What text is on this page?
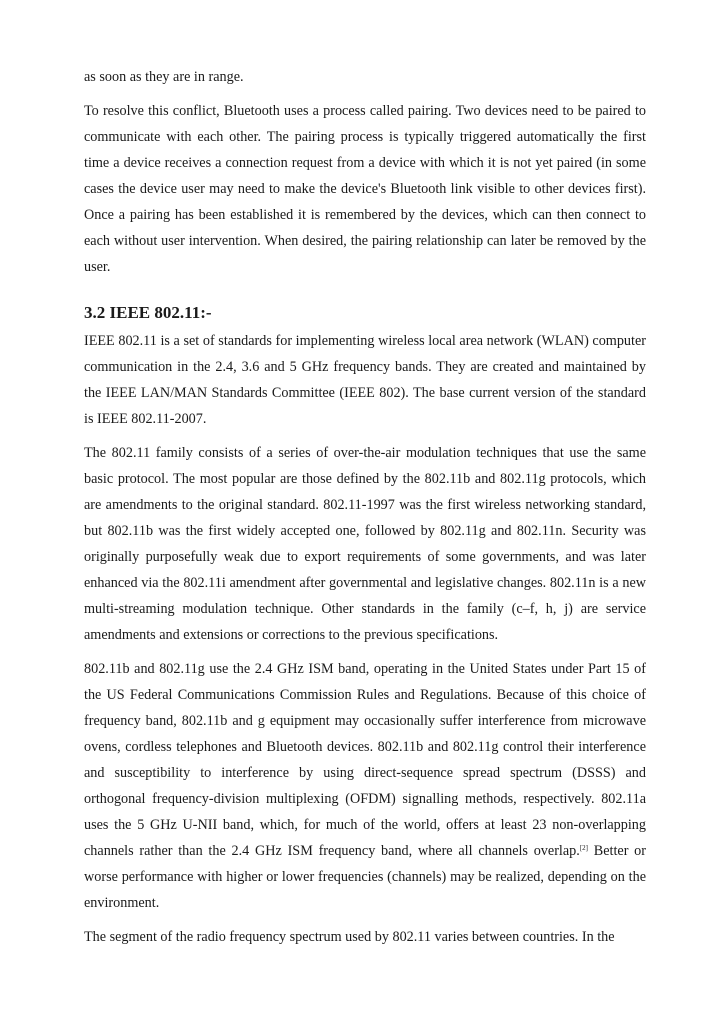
as soon as they are in range.

To resolve this conflict, Bluetooth uses a process called pairing. Two devices need to be paired to communicate with each other. The pairing process is typically triggered automatically the first time a device receives a connection request from a device with which it is not yet paired (in some cases the device user may need to make the device's Bluetooth link visible to other devices first). Once a pairing has been established it is remembered by the devices, which can then connect to each without user intervention. When desired, the pairing relationship can later be removed by the user.

3.2 IEEE 802.11:-

IEEE 802.11 is a set of standards for implementing wireless local area network (WLAN) computer communication in the 2.4, 3.6 and 5 GHz frequency bands. They are created and maintained by the IEEE LAN/MAN Standards Committee (IEEE 802). The base current version of the standard is IEEE 802.11-2007.

The 802.11 family consists of a series of over-the-air modulation techniques that use the same basic protocol. The most popular are those defined by the 802.11b and 802.11g protocols, which are amendments to the original standard. 802.11-1997 was the first wireless networking standard, but 802.11b was the first widely accepted one, followed by 802.11g and 802.11n. Security was originally purposefully weak due to export requirements of some governments, and was later enhanced via the 802.11i amendment after governmental and legislative changes. 802.11n is a new multi-streaming modulation technique. Other standards in the family (c–f, h, j) are service amendments and extensions or corrections to the previous specifications.

802.11b and 802.11g use the 2.4 GHz ISM band, operating in the United States under Part 15 of the US Federal Communications Commission Rules and Regulations. Because of this choice of frequency band, 802.11b and g equipment may occasionally suffer interference from microwave ovens, cordless telephones and Bluetooth devices. 802.11b and 802.11g control their interference and susceptibility to interference by using direct-sequence spread spectrum (DSSS) and orthogonal frequency-division multiplexing (OFDM) signalling methods, respectively. 802.11a uses the 5 GHz U-NII band, which, for much of the world, offers at least 23 non-overlapping channels rather than the 2.4 GHz ISM frequency band, where all channels overlap.[2] Better or worse performance with higher or lower frequencies (channels) may be realized, depending on the environment.

The segment of the radio frequency spectrum used by 802.11 varies between countries. In the
